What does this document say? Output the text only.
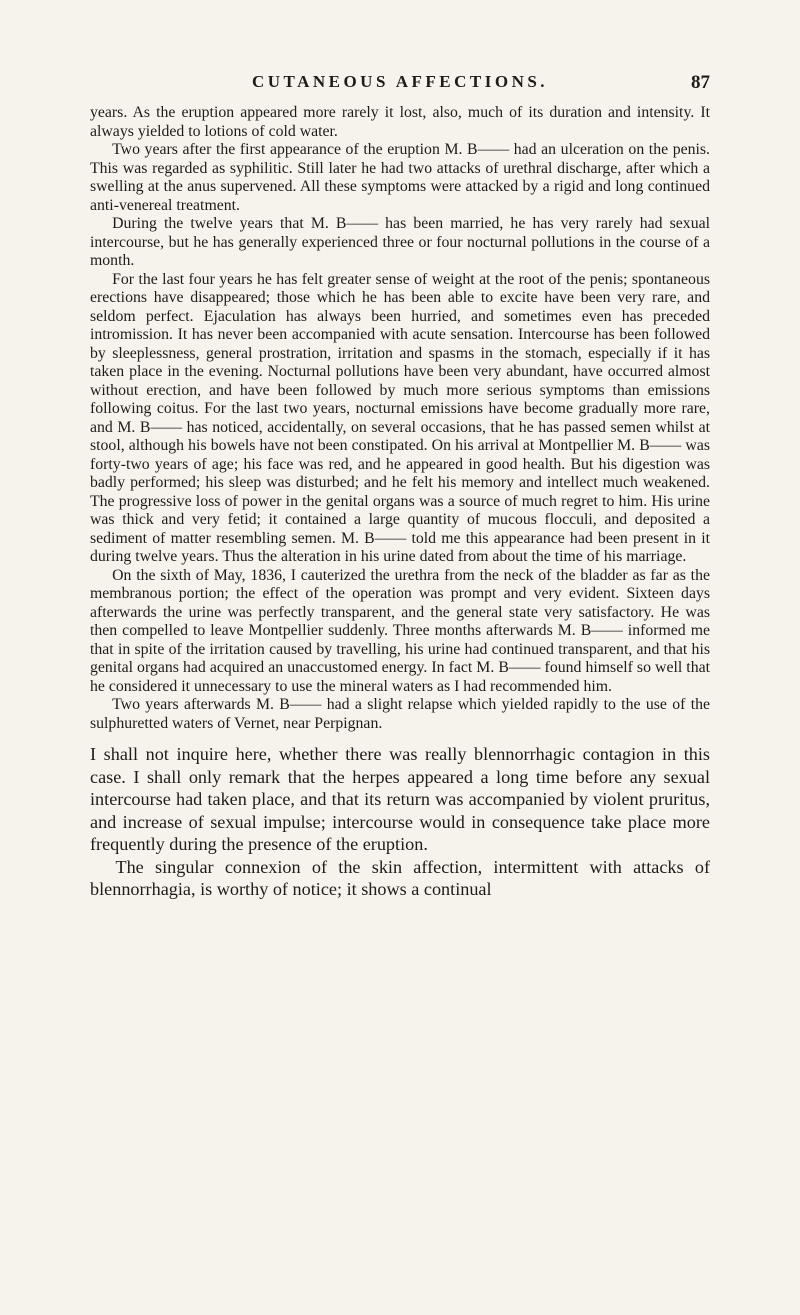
CUTANEOUS AFFECTIONS.	87

years. As the eruption appeared more rarely it lost, also, much of its duration and intensity. It always yielded to lotions of cold water.

Two years after the first appearance of the eruption M. B—— had an ulceration on the penis. This was regarded as syphilitic. Still later he had two attacks of urethral discharge, after which a swelling at the anus supervened. All these symptoms were attacked by a rigid and long continued anti-venereal treatment.

During the twelve years that M. B—— has been married, he has very rarely had sexual intercourse, but he has generally experienced three or four nocturnal pollutions in the course of a month.

For the last four years he has felt greater sense of weight at the root of the penis; spontaneous erections have disappeared; those which he has been able to excite have been very rare, and seldom perfect. Ejaculation has always been hurried, and sometimes even has preceded intromission. It has never been accompanied with acute sensation. Intercourse has been followed by sleeplessness, general prostration, irritation and spasms in the stomach, especially if it has taken place in the evening. Nocturnal pollutions have been very abundant, have occurred almost without erection, and have been followed by much more serious symptoms than emissions following coitus. For the last two years, nocturnal emissions have become gradually more rare, and M. B—— has noticed, accidentally, on several occasions, that he has passed semen whilst at stool, although his bowels have not been constipated. On his arrival at Montpellier M. B—— was forty-two years of age; his face was red, and he appeared in good health. But his digestion was badly performed; his sleep was disturbed; and he felt his memory and intellect much weakened. The progressive loss of power in the genital organs was a source of much regret to him. His urine was thick and very fetid; it contained a large quantity of mucous flocculi, and deposited a sediment of matter resembling semen. M. B—— told me this appearance had been present in it during twelve years. Thus the alteration in his urine dated from about the time of his marriage.

On the sixth of May, 1836, I cauterized the urethra from the neck of the bladder as far as the membranous portion; the effect of the operation was prompt and very evident. Sixteen days afterwards the urine was perfectly transparent, and the general state very satisfactory. He was then compelled to leave Montpellier suddenly. Three months afterwards M. B—— informed me that in spite of the irritation caused by travelling, his urine had continued transparent, and that his genital organs had acquired an unaccustomed energy. In fact M. B—— found himself so well that he considered it unnecessary to use the mineral waters as I had recommended him.

Two years afterwards M. B—— had a slight relapse which yielded rapidly to the use of the sulphuretted waters of Vernet, near Perpignan.

I shall not inquire here, whether there was really blennorrhagic contagion in this case. I shall only remark that the herpes appeared a long time before any sexual intercourse had taken place, and that its return was accompanied by violent pruritus, and increase of sexual impulse; intercourse would in consequence take place more frequently during the presence of the eruption.

The singular connexion of the skin affection, intermittent with attacks of blennorrhagia, is worthy of notice; it shows a continual
